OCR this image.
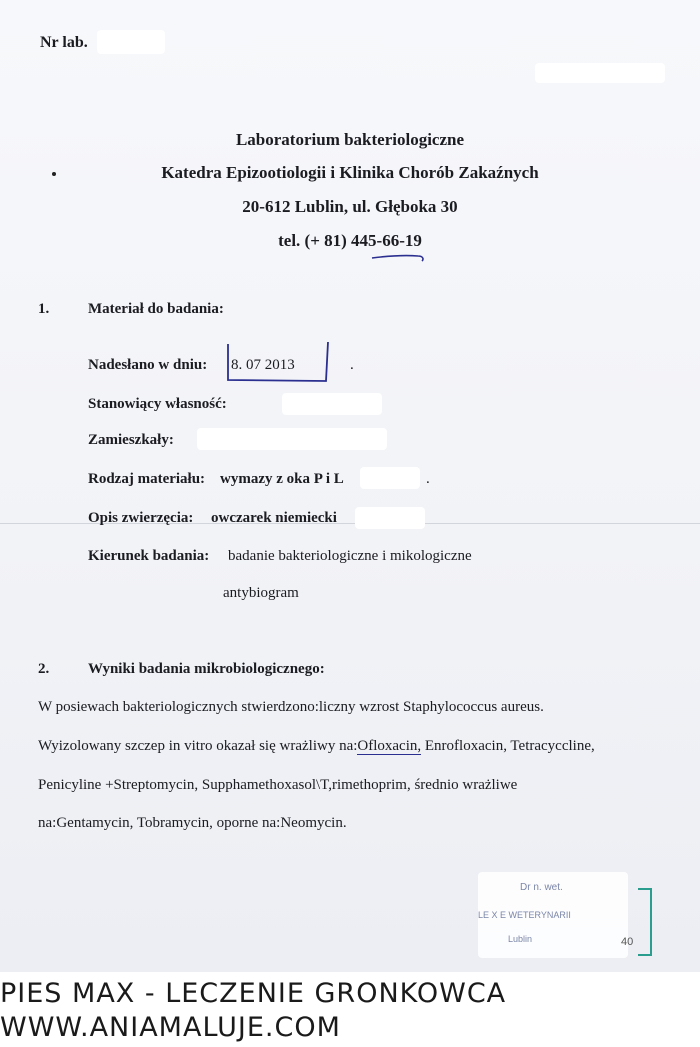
Nr lab.
Laboratorium bakteriologiczne
Katedra Epizootiologii i Klinika Chorób Zakaźnych
20-612 Lublin, ul. Głęboka 30
tel. (+ 81) 445-66-19
1.	Materiał do badania:
Nadesłano w dniu: 8. 07 2013	.
Stanowiący własność:
Zamieszkały:
Rodzaj materiału: wymazy z oka P i L	.
Opis zwierzęcia: owczarek niemiecki
Kierunek badania: badanie bakteriologiczne i mikologiczne
antybiogram
2.	Wyniki badania mikrobiologicznego:
W posiewach bakteriologicznych stwierdzono:liczny wzrost Staphylococcus aureus.
Wyizolowany szczep in vitro okazał się wrażliwy na:Ofloxacin, Enrofloxacin, Tetracyccline,
Penicyline +Streptomycin, Supphamethoxasol\T,rimethoprim, średnio wrażliwe
na:Gentamycin, Tobramycin, oporne na:Neomycin.
Dr n. wet.
LE X E WETERYNARII
Lublin	40
PIES MAX - LECZENIE GRONKOWCA
WWW.ANIAMALUJE.COM
